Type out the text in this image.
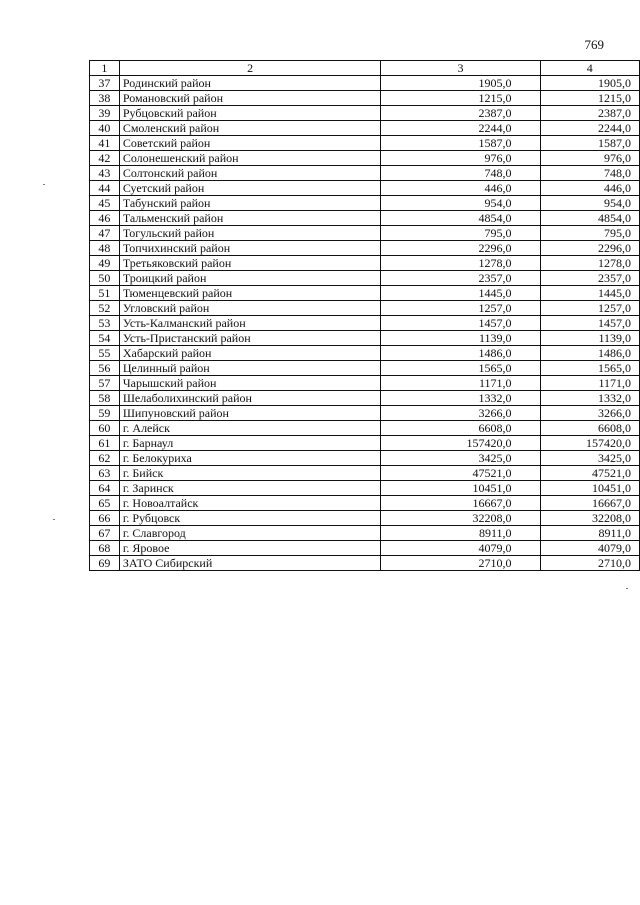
769
1	2	3	4
37	Родинский район	1905,0	1905,0
38	Романовский район	1215,0	1215,0
39	Рубцовский район	2387,0	2387,0
40	Смоленский район	2244,0	2244,0
41	Советский район	1587,0	1587,0
42	Солонешенский район	976,0	976,0
43	Солтонский район	748,0	748,0
44	Суетский район	446,0	446,0
45	Табунский район	954,0	954,0
46	Тальменский район	4854,0	4854,0
47	Тогульский район	795,0	795,0
48	Топчихинский район	2296,0	2296,0
49	Третьяковский район	1278,0	1278,0
50	Троицкий район	2357,0	2357,0
51	Тюменцевский район	1445,0	1445,0
52	Угловский район	1257,0	1257,0
53	Усть-Калманский район	1457,0	1457,0
54	Усть-Пристанский район	1139,0	1139,0
55	Хабарский район	1486,0	1486,0
56	Целинный район	1565,0	1565,0
57	Чарышский район	1171,0	1171,0
58	Шелаболихинский район	1332,0	1332,0
59	Шипуновский район	3266,0	3266,0
60	г. Алейск	6608,0	6608,0
61	г. Барнаул	157420,0	157420,0
62	г. Белокуриха	3425,0	3425,0
63	г. Бийск	47521,0	47521,0
64	г. Заринск	10451,0	10451,0
65	г. Новоалтайск	16667,0	16667,0
66	г. Рубцовск	32208,0	32208,0
67	г. Славгород	8911,0	8911,0
68	г. Яровое	4079,0	4079,0
69	ЗАТО Сибирский	2710,0	2710,0
